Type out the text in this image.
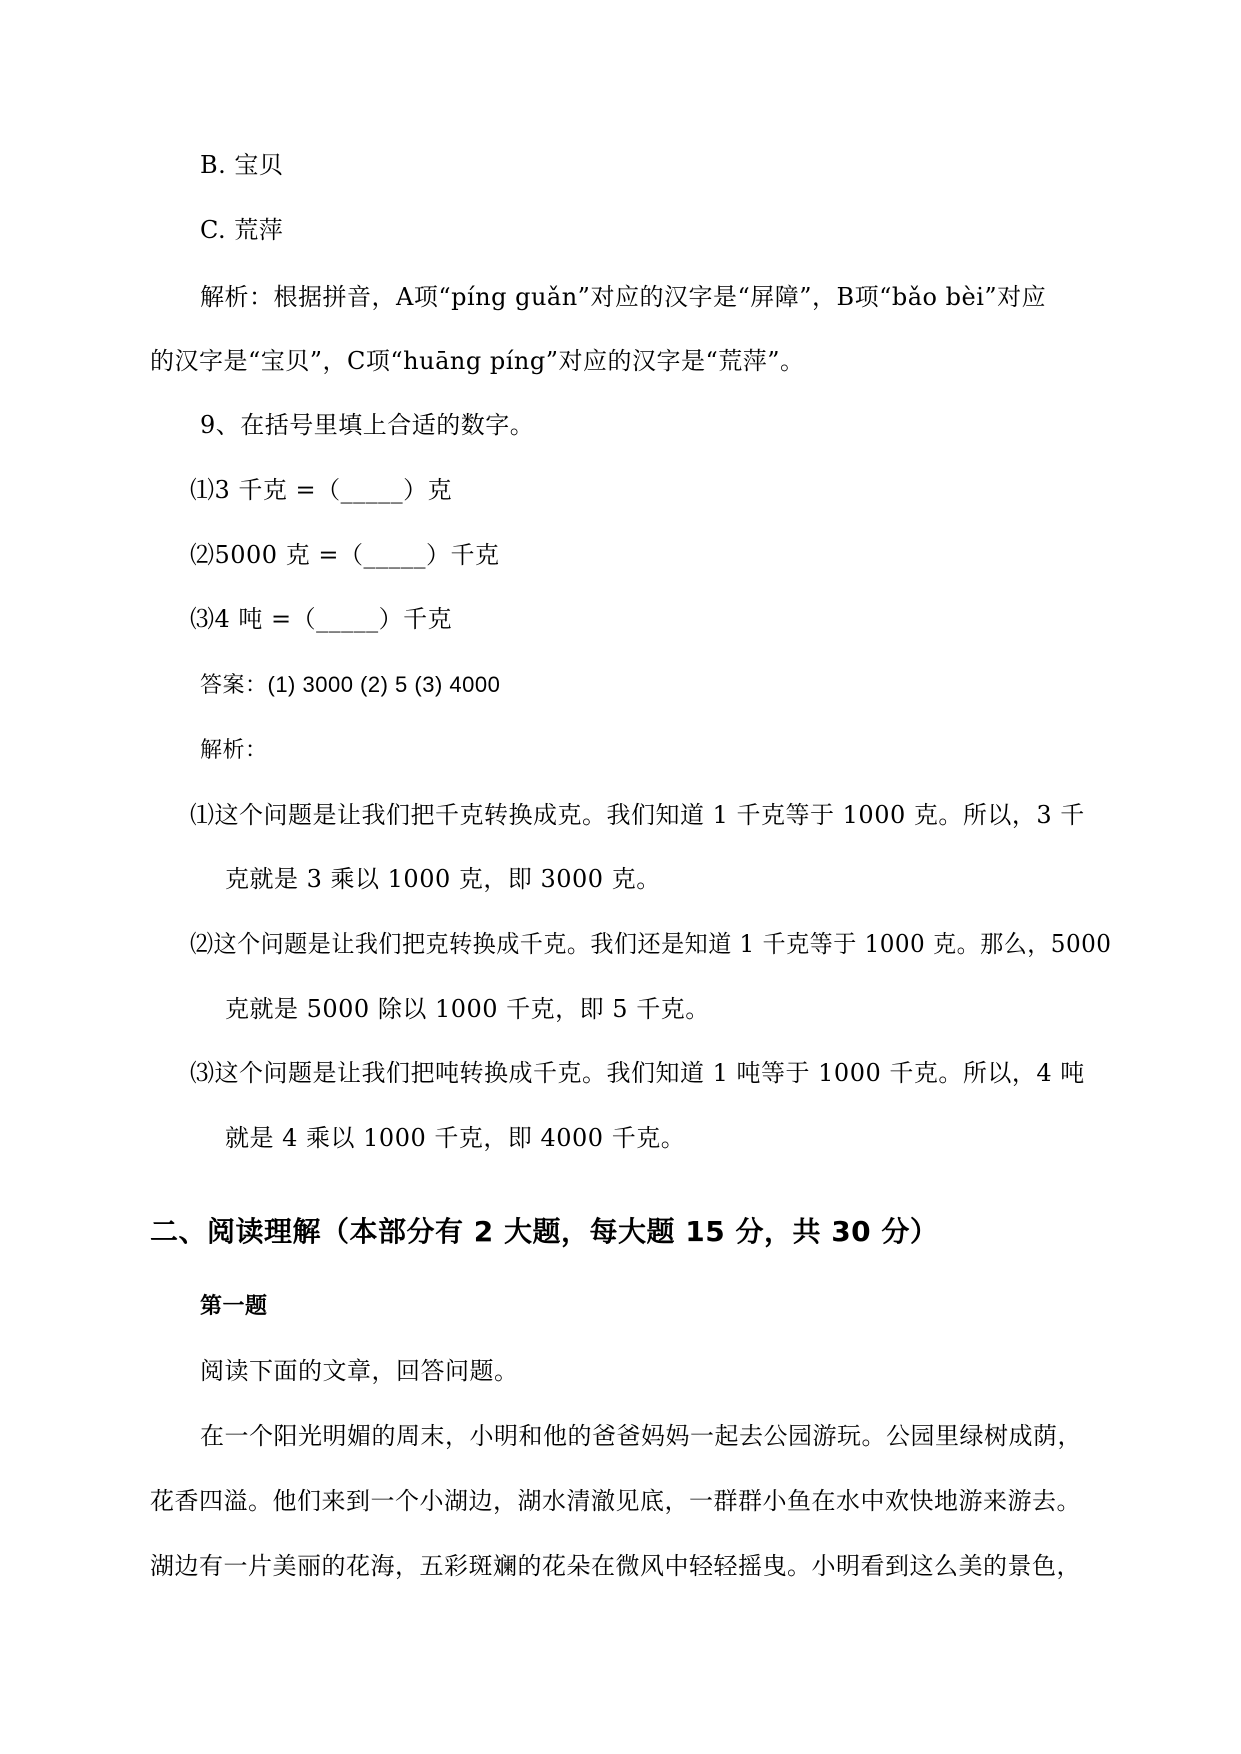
B. 宝贝
C. 荒萍
解析：根据拼音，A项“píng guǎn”对应的汉字是“屏障”，B项“bǎo bèi”对应
的汉字是“宝贝”，C项“huāng píng”对应的汉字是“荒萍”。
9、在括号里填上合适的数字。
⑴3 千克 =（_____）克
⑵5000 克 =（_____）千克
⑶4 吨 =（_____）千克
答案：(1) 3000 (2) 5 (3) 4000
解析：
⑴这个问题是让我们把千克转换成克。我们知道 1 千克等于 1000 克。所以，3 千
克就是 3 乘以 1000 克，即 3000 克。
⑵这个问题是让我们把克转换成千克。我们还是知道 1 千克等于 1000 克。那么，5000
克就是 5000 除以 1000 千克，即 5 千克。
⑶这个问题是让我们把吨转换成千克。我们知道 1 吨等于 1000 千克。所以，4 吨
就是 4 乘以 1000 千克，即 4000 千克。
二、阅读理解（本部分有 2 大题，每大题 15 分，共 30 分）
第一题
阅读下面的文章，回答问题。
在一个阳光明媚的周末，小明和他的爸爸妈妈一起去公园游玩。公园里绿树成荫，
花香四溢。他们来到一个小湖边，湖水清澈见底，一群群小鱼在水中欢快地游来游去。
湖边有一片美丽的花海，五彩斑斓的花朵在微风中轻轻摇曳。小明看到这么美的景色，
